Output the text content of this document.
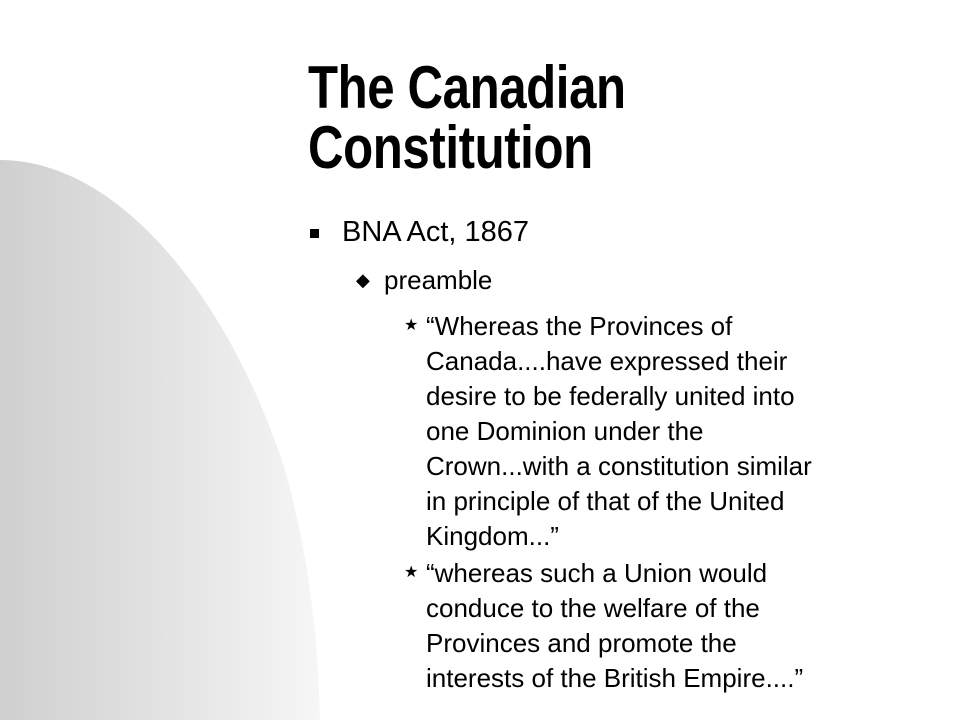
The Canadian
Constitution
BNA Act, 1867
◆ preamble
★ “Whereas the Provinces of
Canada....have expressed their
desire to be federally united into
one Dominion under the
Crown...with a constitution similar
in principle of that of the United
Kingdom...”
★ “whereas such a Union would
conduce to the welfare of the
Provinces and promote the
interests of the British Empire....”
